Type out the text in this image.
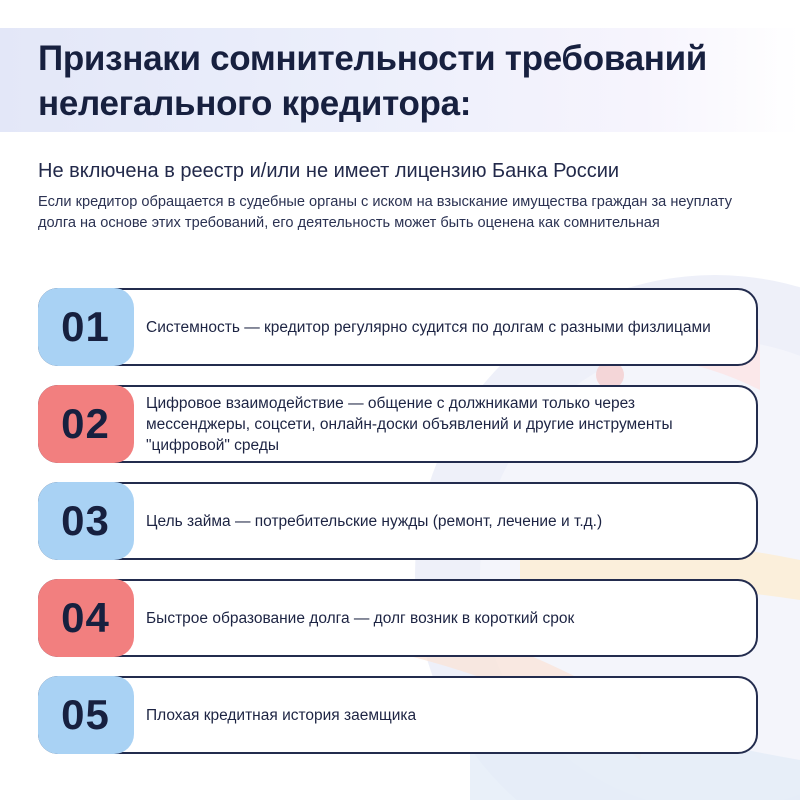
Признаки сомнительности требований нелегального кредитора:

Не включена в реестр и/или не имеет лицензию Банка России

Если кредитор обращается в судебные органы с иском на взыскание имущества граждан за неуплату долга на основе этих требований, его деятельность может быть оценена как сомнительная

01	Системность — кредитор регулярно судится по долгам с разными физлицами
02	Цифровое взаимодействие — общение с должниками только через мессенджеры, соцсети, онлайн-доски объявлений и другие инструменты "цифровой" среды
03	Цель займа — потребительские нужды (ремонт, лечение и т.д.)
04	Быстрое образование долга — долг возник в короткий срок
05	Плохая кредитная история заемщика
